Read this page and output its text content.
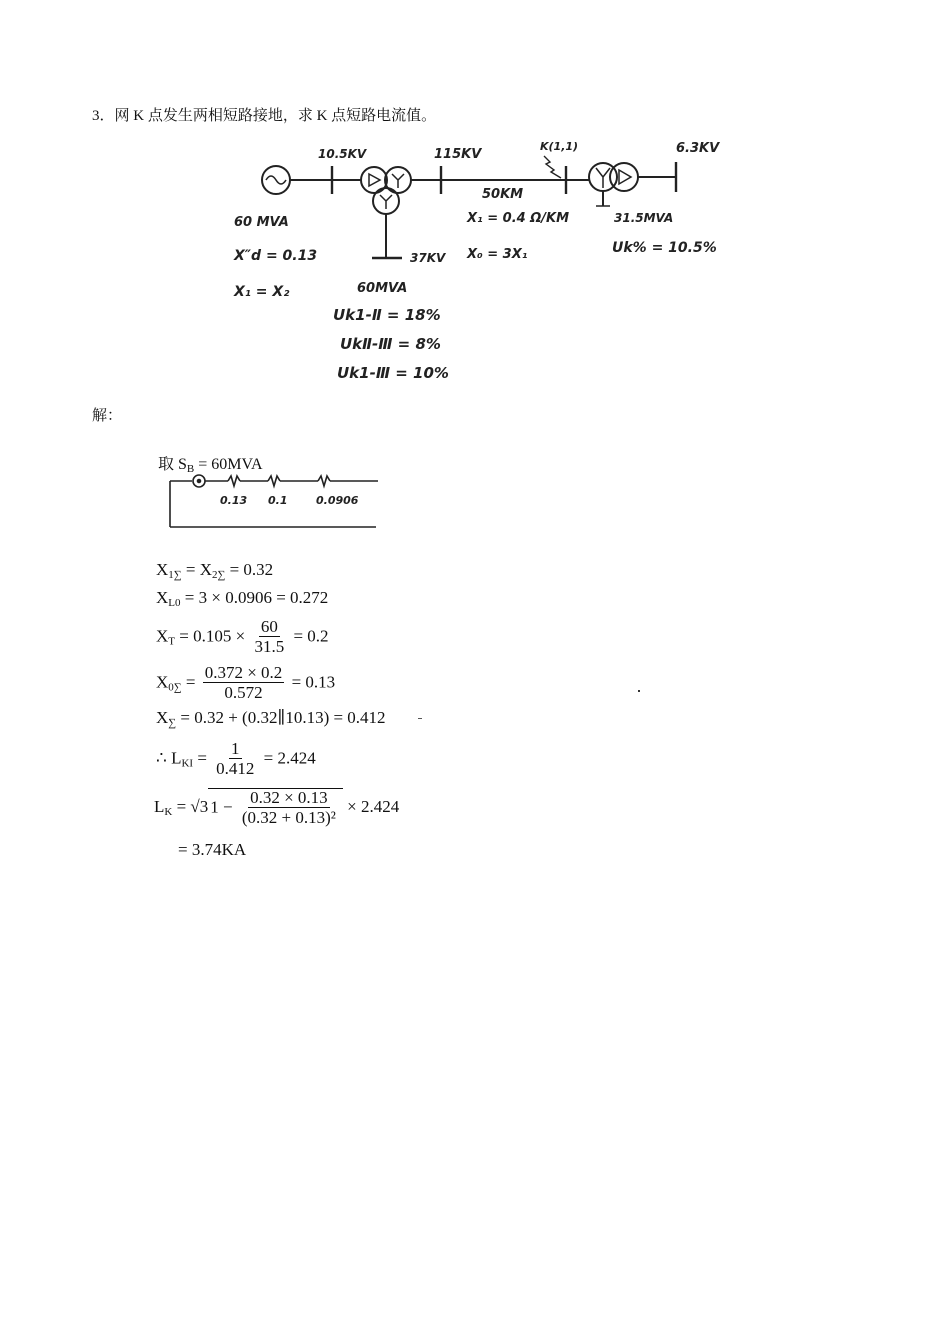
3．网 K 点发生两相短路接地，求 K 点短路电流值。
10.5KV	115KV
K(1,1)	6.3KV
50KM
X₁ = 0.4 Ω/KM
X₀ = 3X₁
60 MVA
X″d = 0.13
X₁ = X₂
37KV
60MVA
Uk1-Ⅱ = 18%
UkⅡ-Ⅲ = 8%
Uk1-Ⅲ = 10%
31.5MVA
Uk% = 10.5%
解：
取 $S_B = 60MVA$
0.13 0.1	0.0906
$X_{1\sum} = X_{2\sum} = 0.32$
$X_{L0} = 3 \times 0.0906 = 0.272$
$X_T = 0.105 \times \frac{60}{31.5} = 0.2$
$X_{0\sum} = \frac{0.372 \times 0.2}{0.572} = 0.13$
$X_\sum = 0.32$ + (0.32∥10.13) = 0.412
∴ $L_{KI} = \frac{1}{0.412} = 2.424$
$L_K = √3$ $1 - \frac{0.32 \times 0.13}{\text{(0.32 + 0.13)²}} \times 2.424$
= 3.74KA
